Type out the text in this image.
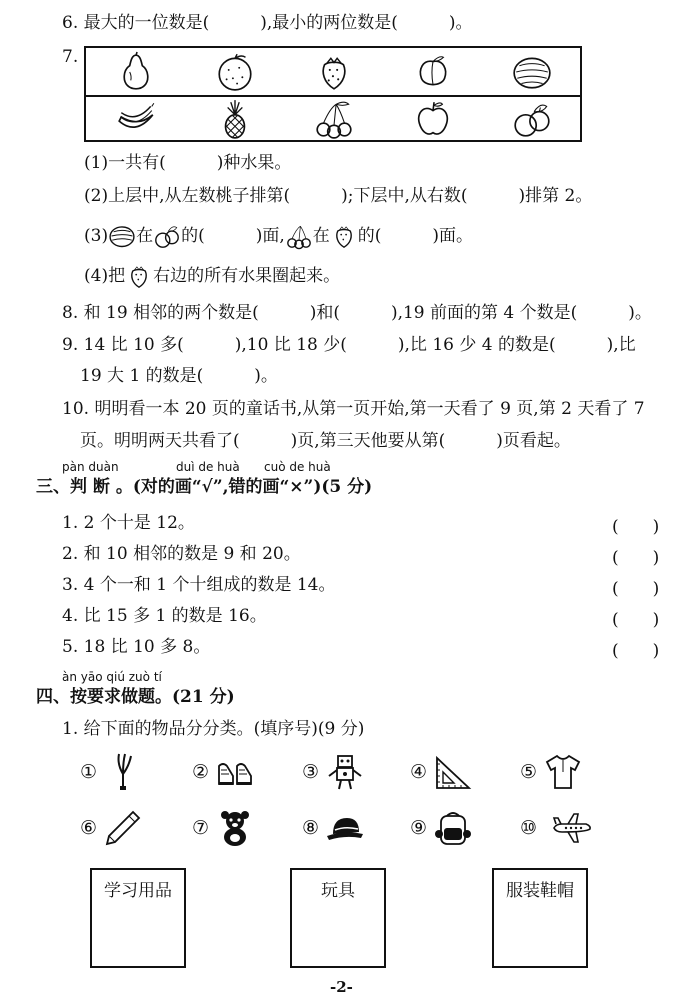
6. 最大的一位数是(　　　),最小的两位数是(　　　)。
7.
(1)一共有(　　　)种水果。
(2)上层中,从左数桃子排第(　　　);下层中,从右数(　　　)排第 2。
(3) 在 的(　　　)面, 在 的(　　　)面。
(4)把 右边的所有水果圈起来。
8. 和 19 相邻的两个数是(　　　)和(　　　),19 前面的第 4 个数是(　　　)。
9. 14 比 10 多(　　　),10 比 18 少(　　　),比 16 少 4 的数是(　　　),比
19 大 1 的数是(　　　)。
10. 明明看一本 20 页的童话书,从第一页开始,第一天看了 9 页,第 2 天看了 7
页。明明两天共看了(　　　)页,第三天他要从第(　　　)页看起。
pàn duàn	duì de huà cuò de huà
三、判 断 。(对的画“√”,错的画“×”)(5 分)
1. 2 个十是 12。	(　　)
2. 和 10 相邻的数是 9 和 20。	(　　)
3. 4 个一和 1 个十组成的数是 14。	(　　)
4. 比 15 多 1 的数是 16。	(　　)
5. 18 比 10 多 8。	(　　)
àn yāo qiú zuò tí
四、按要求做题。(21 分)
1. 给下面的物品分分类。(填序号)(9 分)
①	②	③	④	⑤
⑥	⑦	⑧	⑨	⑩
学习用品	玩具	服装鞋帽
-2-
